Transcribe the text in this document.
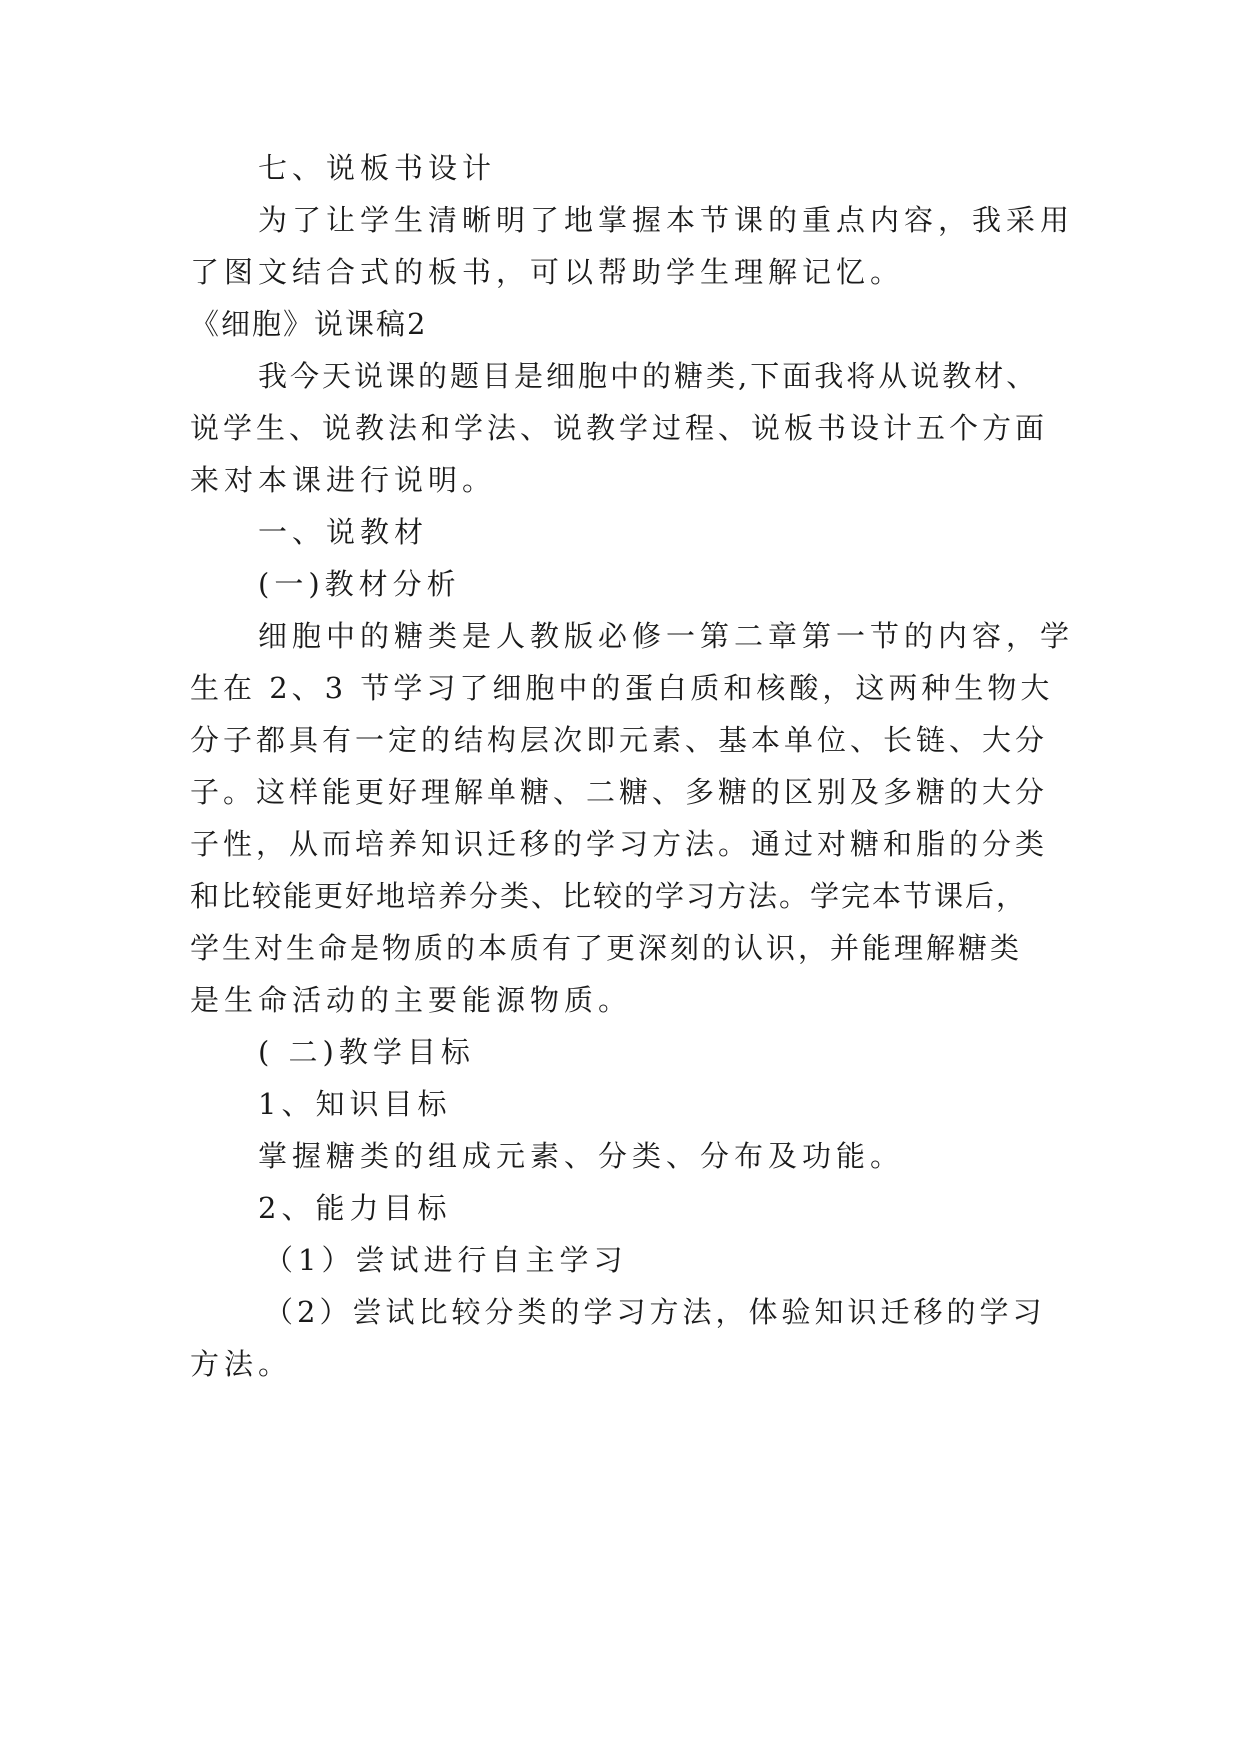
七、说板书设计
为了让学生清晰明了地掌握本节课的重点内容，我采用
了图文结合式的板书，可以帮助学生理解记忆。
《细胞》说课稿2
我今天说课的题目是细胞中的糖类,下面我将从说教材、
说学生、说教法和学法、说教学过程、说板书设计五个方面
来对本课进行说明。
一、说教材
(一)教材分析
细胞中的糖类是人教版必修一第二章第一节的内容，学
生在 2、3 节学习了细胞中的蛋白质和核酸，这两种生物大
分子都具有一定的结构层次即元素、基本单位、长链、大分
子。这样能更好理解单糖、二糖、多糖的区别及多糖的大分
子性，从而培养知识迁移的学习方法。通过对糖和脂的分类
和比较能更好地培养分类、比较的学习方法。学完本节课后，
学生对生命是物质的本质有了更深刻的认识，并能理解糖类
是生命活动的主要能源物质。
( 二)教学目标
1、知识目标
掌握糖类的组成元素、分类、分布及功能。
2、能力目标
（1）尝试进行自主学习
（2）尝试比较分类的学习方法，体验知识迁移的学习
方法。
